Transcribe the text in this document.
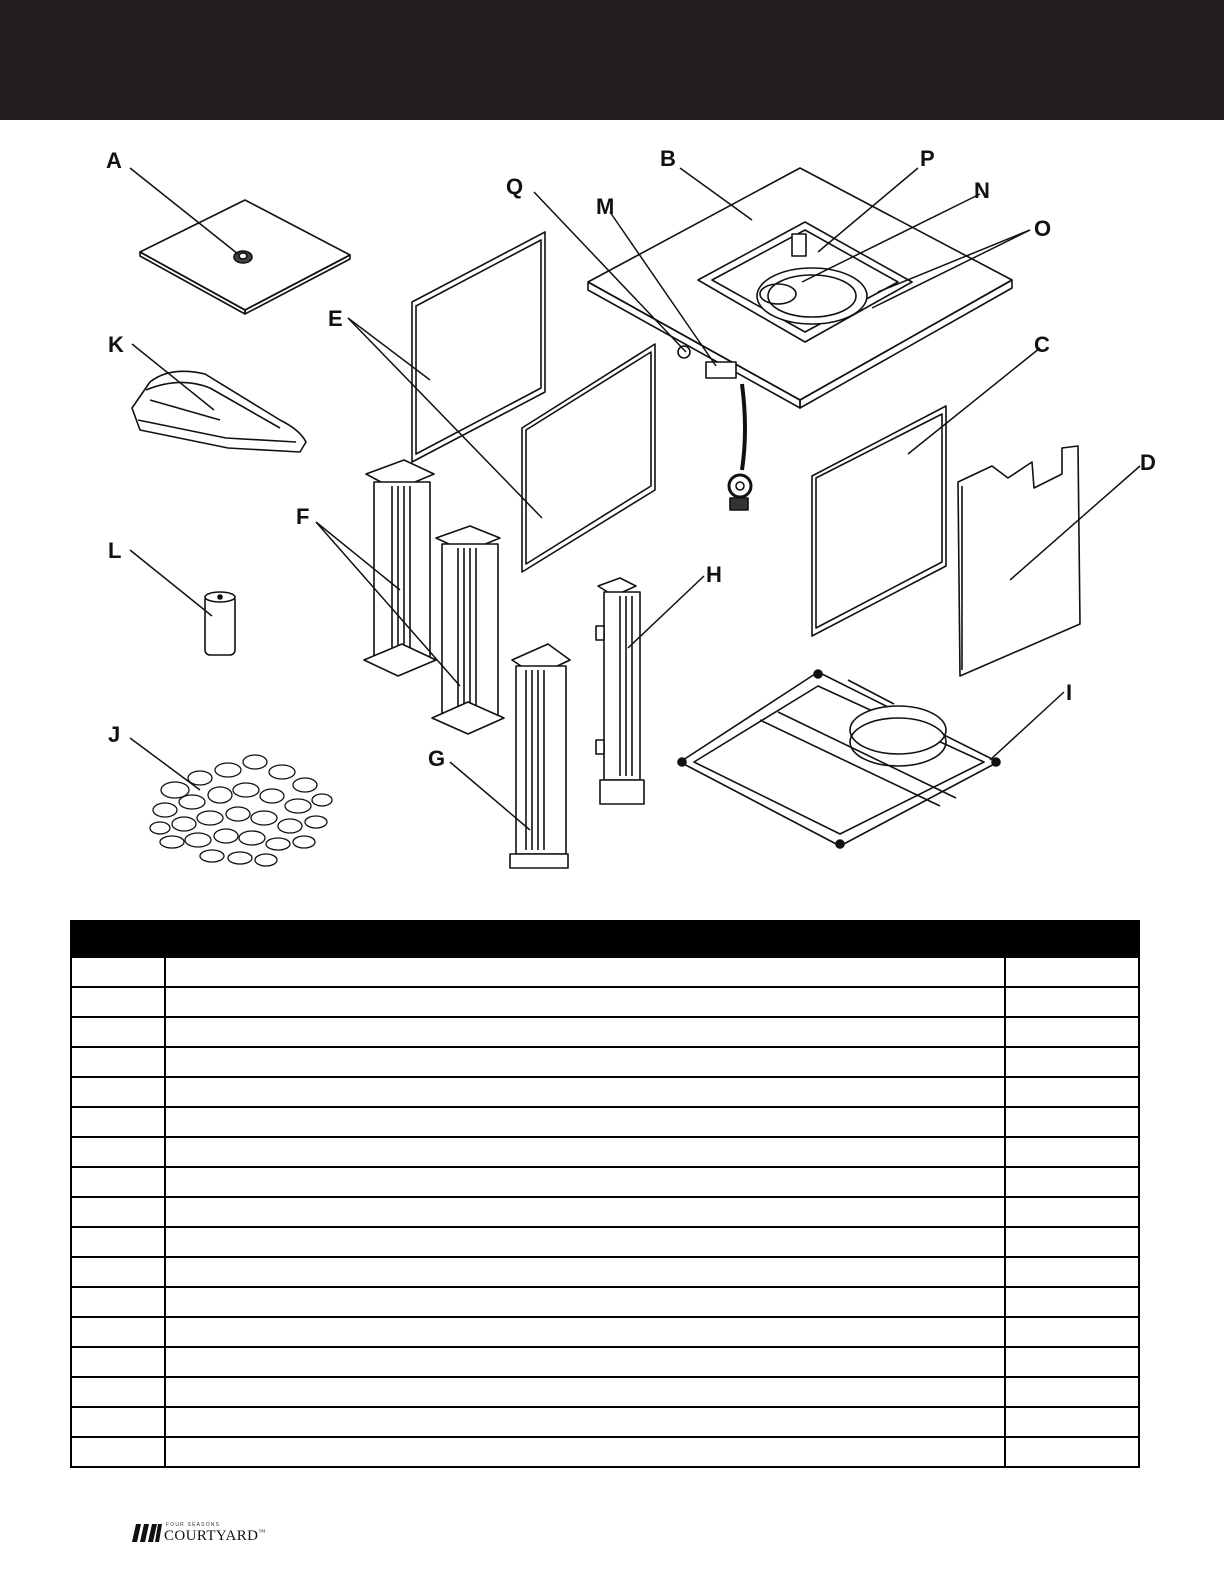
A	B
C
D
E
F
G
H
I
J
K
L
M
N
O
P
Q

FOUR SEASONS
COURTYARD™
